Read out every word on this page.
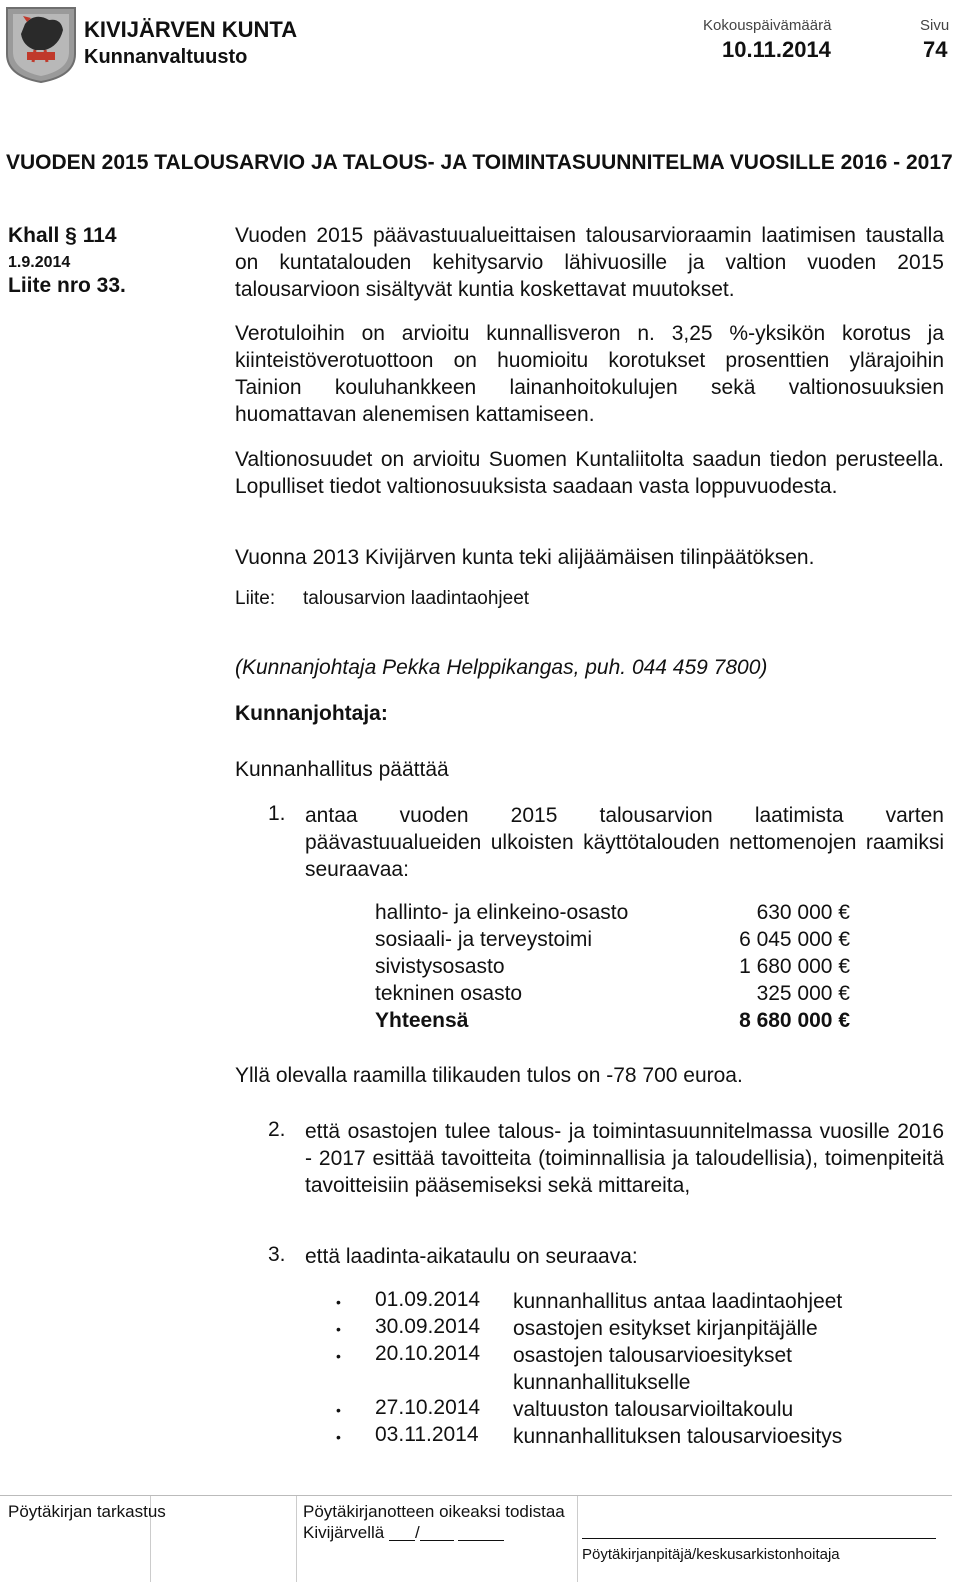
KIVIJÄRVEN KUNTA
Kunnanvaltuusto
Kokouspäivämäärä
10.11.2014
Sivu
74
VUODEN 2015 TALOUSARVIO JA TALOUS- JA TOIMINTASUUNNITELMA VUOSILLE 2016 - 2017
Khall § 114
1.9.2014
Liite nro 33.
Vuoden 2015 päävastuualueittaisen talousarvioraamin laatimisen taustalla on kuntatalouden kehitysarvio lähivuosille ja valtion vuoden 2015 talousarvioon sisältyvät kuntia koskettavat muutokset.
Verotuloihin on arvioitu kunnallisveron n. 3,25 %-yksikön korotus ja kiinteistöverotuottoon on huomioitu korotukset prosenttien ylärajoihin Tainion kouluhankkeen lainanhoitokulujen sekä valtionosuuksien huomattavan alenemisen kattamiseen.
Valtionosuudet on arvioitu Suomen Kuntaliitolta saadun tiedon perusteella. Lopulliset tiedot valtionosuuksista saadaan vasta loppuvuodesta.
Vuonna 2013 Kivijärven kunta teki alijäämäisen tilinpäätöksen.
Liite: talousarvion laadintaohjeet
(Kunnanjohtaja Pekka Helppikangas, puh. 044 459 7800)
Kunnanjohtaja:
Kunnanhallitus päättää
1. antaa vuoden 2015 talousarvion laatimista varten päävastuualueiden ulkoisten käyttötalouden nettomenojen raamiksi seuraavaa:
hallinto- ja elinkeino-osasto	630 000 €
sosiaali- ja terveystoimi	6 045 000 €
sivistysosasto	1 680 000 €
tekninen osasto	325 000 €
Yhteensä	8 680 000 €
Yllä olevalla raamilla tilikauden tulos on -78 700 euroa.
2. että osastojen tulee talous- ja toimintasuunnitelmassa vuosille 2016 - 2017 esittää tavoitteita (toiminnallisia ja taloudellisia), toimenpiteitä tavoitteisiin pääsemiseksi sekä mittareita,
3. että laadinta-aikataulu on seuraava:
• 01.09.2014 kunnanhallitus antaa laadintaohjeet
• 30.09.2014 osastojen esitykset kirjanpitäjälle
• 20.10.2014 osastojen talousarvioesitykset kunnanhallitukselle
• 27.10.2014 valtuuston talousarvioiltakoulu
• 03.11.2014 kunnanhallituksen talousarvioesitys
Pöytäkirjan tarkastus	Pöytäkirjanotteen oikeaksi todistaa
Kivijärvellä /
Pöytäkirjanpitäjä/keskusarkistonhoitaja
